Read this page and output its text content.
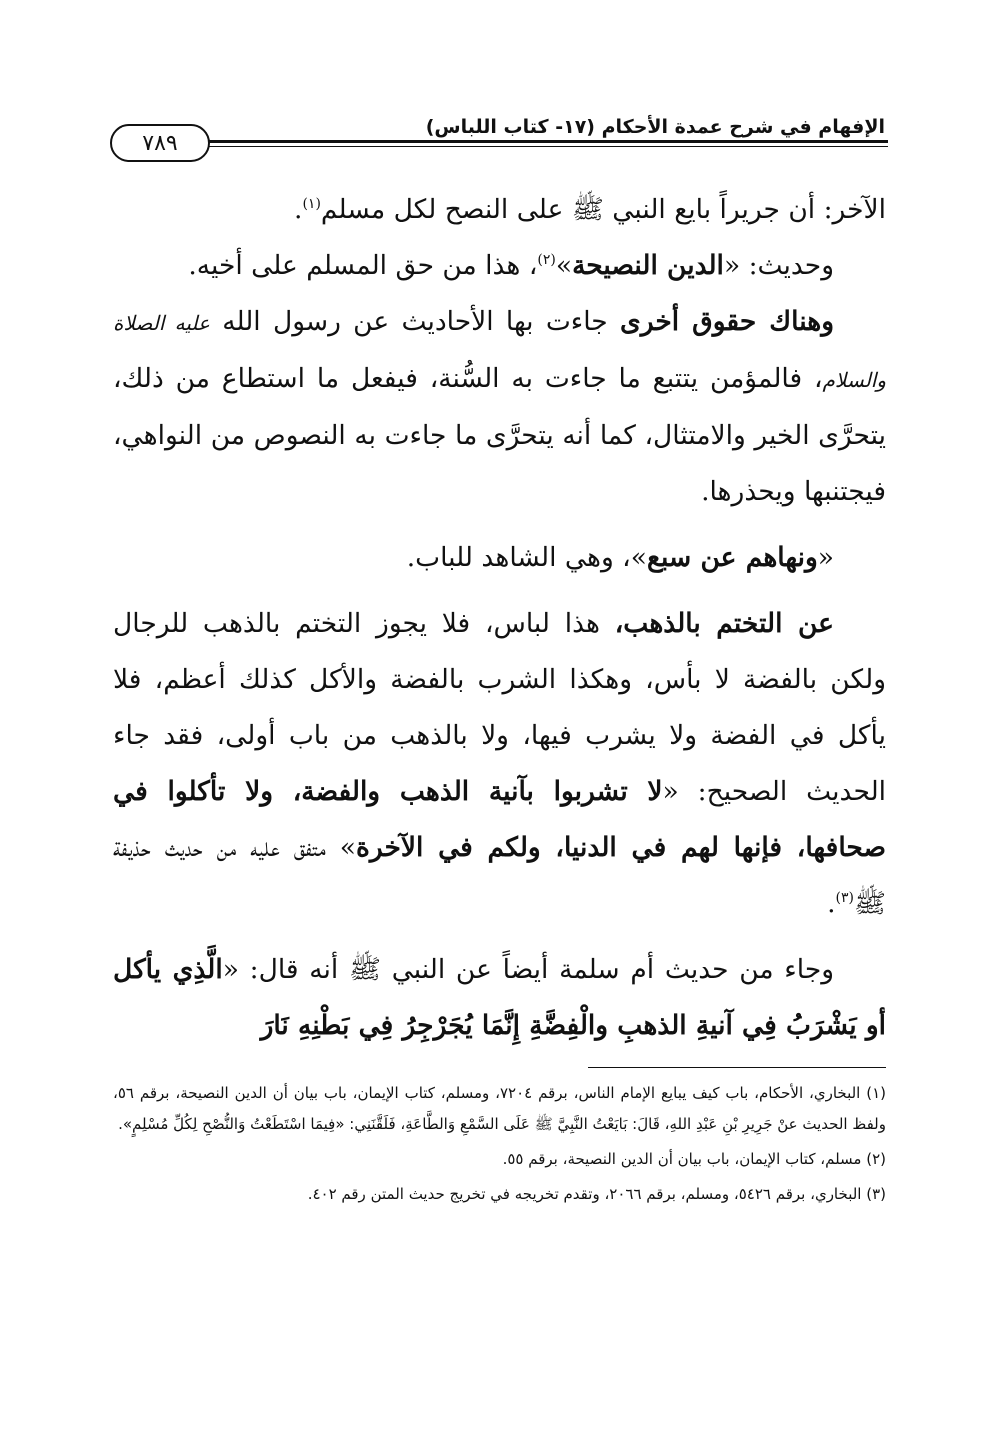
الإفهام في شرح عمدة الأحكام (١٧- كتاب اللباس)
٧٨٩

الآخر: أن جريراً بايع النبي ﷺ على النصح لكل مسلم$^{(١)}$.

وحديث: «الدين النصيحة»$^{(٢)}$، هذا من حق المسلم على أخيه.

وهناك حقوق أخرى جاءت بها الأحاديث عن رسول الله عليه الصلاة والسلام، فالمؤمن يتتبع ما جاءت به السُّنة، فيفعل ما استطاع من ذلك، يتحرَّى الخير والامتثال، كما أنه يتحرَّى ما جاءت به النصوص من النواهي، فيجتنبها ويحذرها.

«ونهاهم عن سبع»، وهي الشاهد للباب.

عن التختم بالذهب، هذا لباس، فلا يجوز التختم بالذهب للرجال ولكن بالفضة لا بأس، وهكذا الشرب بالفضة والأكل كذلك أعظم، فلا يأكل في الفضة ولا يشرب فيها، ولا بالذهب من باب أولى، فقد جاء الحديث الصحيح: «لا تشربوا بآنية الذهب والفضة، ولا تأكلوا في صحافها، فإنها لهم في الدنيا، ولكم في الآخرة» متفق عليه من حديث حذيفة ﷺ$^{(٣)}$.

وجاء من حديث أم سلمة أيضاً عن النبي ﷺ أنه قال: «الَّذِي يأكل أو يَشْرَبُ فِي آنيةِ الذهبِ والْفِضَّةِ إِنَّمَا يُجَرْجِرُ فِي بَطْنِهِ نَارَ

(١) البخاري، الأحكام، باب كيف يبايع الإمام الناس، برقم ٧٢٠٤، ومسلم، كتاب الإيمان، باب بيان أن الدين النصيحة، برقم ٥٦، ولفظ الحديث عنْ جَرِيرِ بْنِ عَبْدِ اللهِ، قَالَ: بَايَعْتُ النَّبِيَّ ﷺ عَلَى السَّمْعِ وَالطَّاعَةِ، فَلَقَّنَنِي: «فِيمَا اسْتَطَعْتُ وَالنُّصْحِ لِكُلِّ مُسْلِمٍ».

(٢) مسلم، كتاب الإيمان، باب بيان أن الدين النصيحة، برقم ٥٥.

(٣) البخاري، برقم ٥٤٢٦، ومسلم، برقم ٢٠٦٦، وتقدم تخريجه في تخريج حديث المتن رقم ٤٠٢.
